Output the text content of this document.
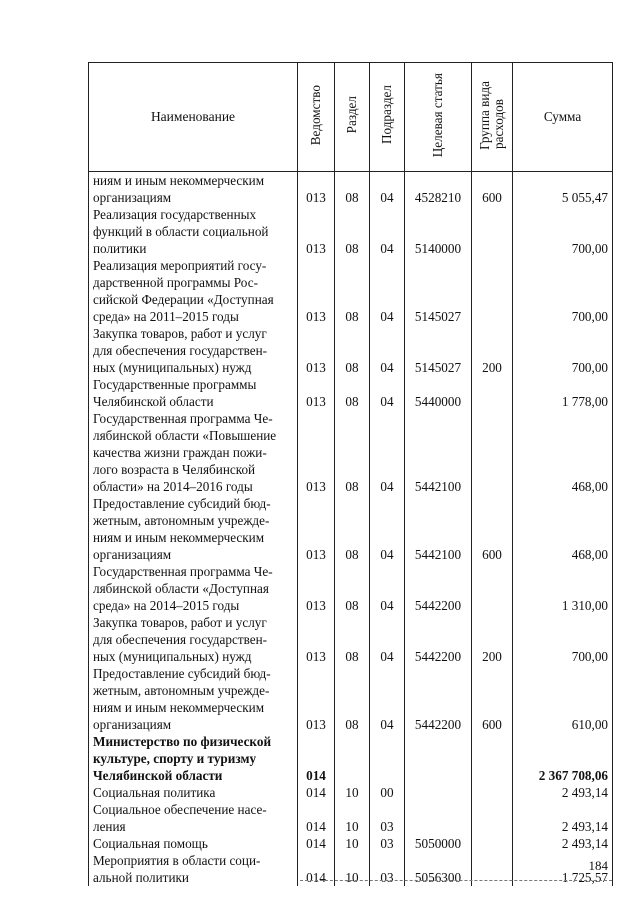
Наименование	Ведомство	Раздел	Подраздел	Целевая статья	Группа видарасходов	Сумма

ниям и иным некоммерческим
организациям	013	08	04	4528210	600	5 055,47

Реализация государственных
функций в области социальной
политики	013	08	04	5140000		700,00

Реализация мероприятий госу-
дарственной программы Рос-
сийской Федерации «Доступная
среда» на 2011–2015 годы	013	08	04	5145027		700,00

Закупка товаров, работ и услуг
для обеспечения государствен-
ных (муниципальных) нужд	013	08	04	5145027	200	700,00

Государственные программы
Челябинской области	013	08	04	5440000		1 778,00

Государственная программа Че-
лябинской области «Повышение
качества жизни граждан пожи-
лого возраста в Челябинской
области» на 2014–2016 годы	013	08	04	5442100		468,00

Предоставление субсидий бюд-
жетным, автономным учрежде-
ниям и иным некоммерческим
организациям	013	08	04	5442100	600	468,00

Государственная программа Че-
лябинской области «Доступная
среда» на 2014–2015 годы	013	08	04	5442200		1 310,00

Закупка товаров, работ и услуг
для обеспечения государствен-
ных (муниципальных) нужд	013	08	04	5442200	200	700,00

Предоставление субсидий бюд-
жетным, автономным учрежде-
ниям и иным некоммерческим
организациям	013	08	04	5442200	600	610,00

Министерство по физической
культуре, спорту и туризму
Челябинской области	014					2 367 708,06

Социальная политика	014	10	00			2 493,14

Социальное обеспечение насе-
ления	014	10	03			2 493,14

Социальная помощь	014	10	03	5050000		2 493,14

Мероприятия в области соци-
альной политики	014	10	03	5056300		1 725,57
184
